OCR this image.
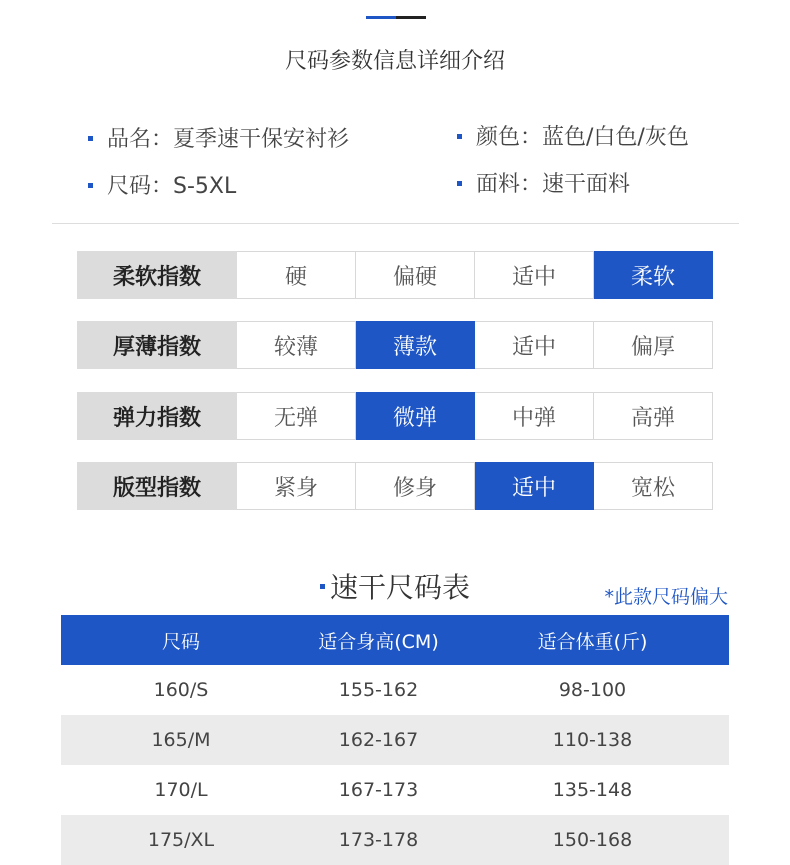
尺码参数信息详细介绍
品名：夏季速干保安衬衫	颜色：蓝色/白色/灰色
尺码：S-5XL	面料：速干面料
柔软指数	硬	偏硬	适中	柔软
厚薄指数	较薄	薄款	适中	偏厚
弹力指数	无弹	微弹	中弹	高弹
版型指数	紧身	修身	适中	宽松
速干尺码表	*此款尺码偏大
尺码	适合身高(CM)	适合体重(斤)
160/S	155-162	98-100
165/M	162-167	110-138
170/L	167-173	135-148
175/XL	173-178	150-168
